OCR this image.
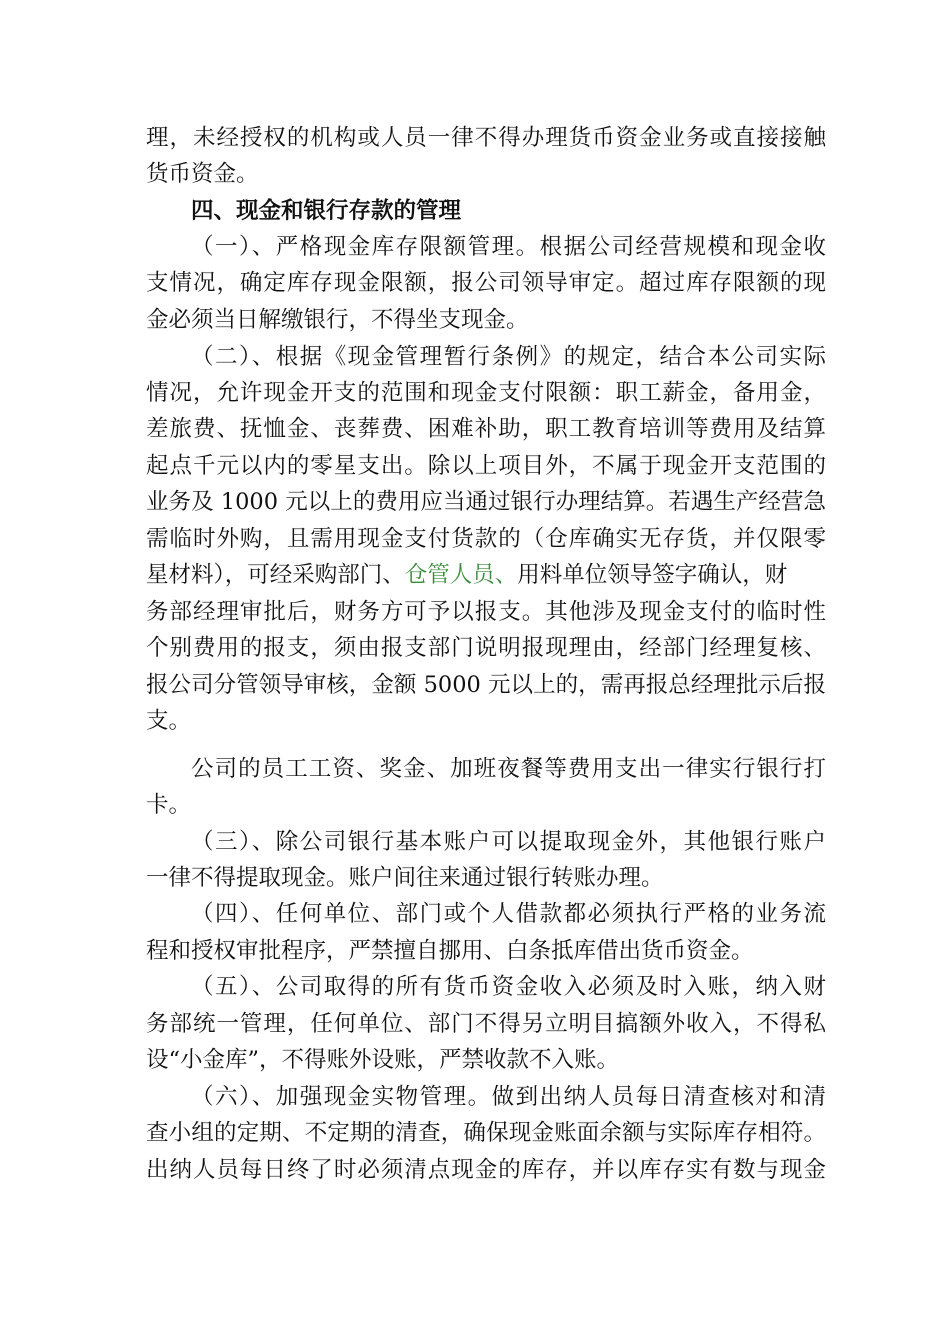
理，未经授权的机构或人员一律不得办理货币资金业务或直接接触
货币资金。
四、现金和银行存款的管理
（一）、严格现金库存限额管理。根据公司经营规模和现金收
支情况，确定库存现金限额，报公司领导审定。超过库存限额的现
金必须当日解缴银行，不得坐支现金。
（二）、根据《现金管理暂行条例》的规定，结合本公司实际
情况，允许现金开支的范围和现金支付限额：职工薪金，备用金，
差旅费、抚恤金、丧葬费、困难补助，职工教育培训等费用及结算
起点千元以内的零星支出。除以上项目外，不属于现金开支范围的
业务及 1000 元以上的费用应当通过银行办理结算。若遇生产经营急
需临时外购，且需用现金支付货款的（仓库确实无存货，并仅限零
星材料），可经采购部门、仓管人员、用料单位领导签字确认，财
务部经理审批后，财务方可予以报支。其他涉及现金支付的临时性
个别费用的报支，须由报支部门说明报现理由，经部门经理复核、
报公司分管领导审核，金额 5000 元以上的，需再报总经理批示后报
支。
公司的员工工资、奖金、加班夜餐等费用支出一律实行银行打
卡。
（三）、除公司银行基本账户可以提取现金外，其他银行账户
一律不得提取现金。账户间往来通过银行转账办理。
（四）、任何单位、部门或个人借款都必须执行严格的业务流
程和授权审批程序，严禁擅自挪用、白条抵库借出货币资金。
（五）、公司取得的所有货币资金收入必须及时入账，纳入财
务部统一管理，任何单位、部门不得另立明目搞额外收入，不得私
设“小金库”，不得账外设账，严禁收款不入账。
（六）、加强现金实物管理。做到出纳人员每日清查核对和清
查小组的定期、不定期的清查，确保现金账面余额与实际库存相符。
出纳人员每日终了时必须清点现金的库存，并以库存实有数与现金
